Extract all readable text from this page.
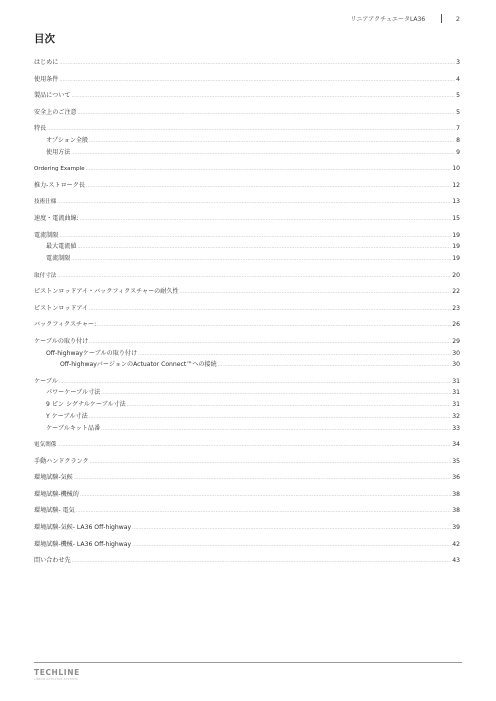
リニアアクチュエータLA36	2
目次
はじめに .....	3
使用条件 .....	4
製品について .....	5
安全上のご注意 .....	5
特長 .....	7
オプション全般 .....	8
使用方法 .....	9
Ordering Example .....	10
推力-ストローク長 .....	12
技術仕様 .....	13
速度・電流曲線: .....	15
電流制限 .....	19
最大電流値 .....	19
電流制限 .....	19
取付寸法 .....	20
ピストンロッドアイ・バックフィクスチャーの耐久性 .....	22
ピストンロッドアイ .....	23
バックフィクスチャー: .....	26
ケーブルの取り付け .....	29
Off-highwayケーブルの取り付け .....	30
Off-highwayバージョンのActuator Connect™への接続 .....	30
ケーブル .....	31
パワーケーブル寸法 .....	31
9 ピン シグナルケーブル寸法 .....	31
Y ケーブル寸法 .....	32
ケーブルキット品番 .....	33
電気関係 .....	34
手動ハンドクランク .....	35
環境試験-気候 .....	36
環境試験-機械的 .....	38
環境試験- 電気 .....	38
環境試験-気候- LA36 Off-highway .....	39
環境試験-機械- LA36 Off-highway .....	42
問い合わせ先 .....	43
TECHLINE
LINEAR ACTUATOR SYSTEMS
